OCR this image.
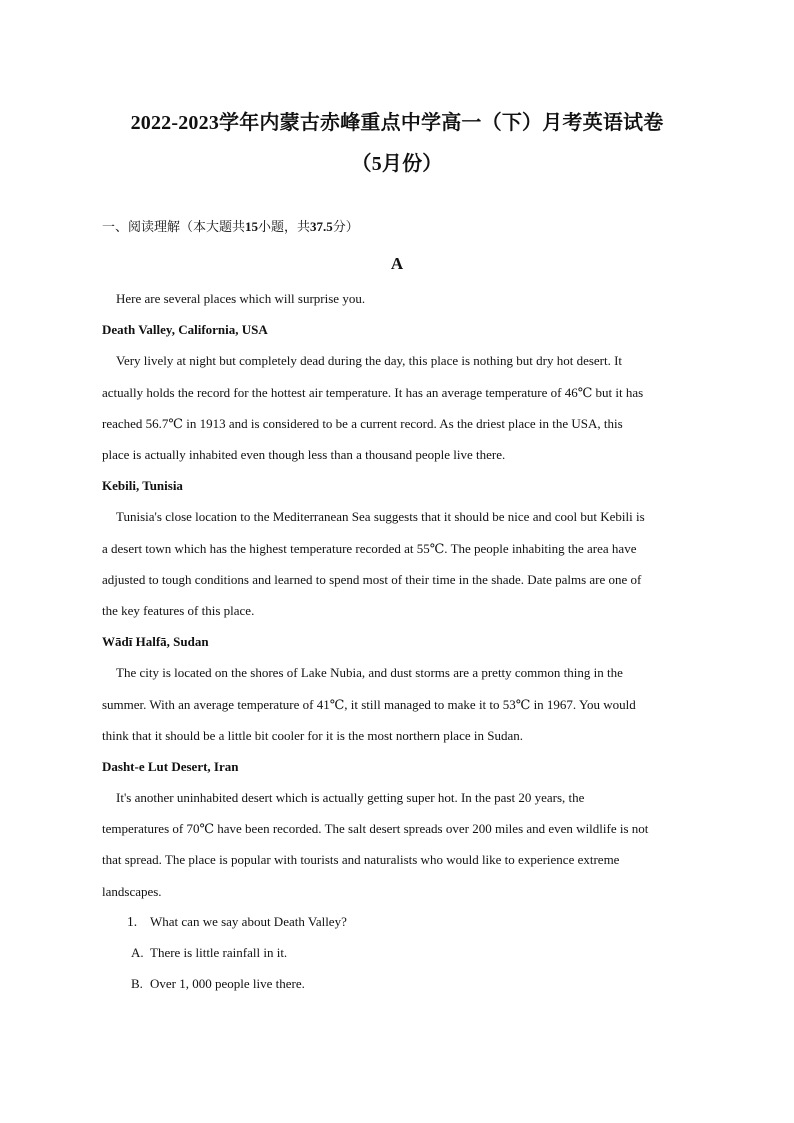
2022-2023学年内蒙古赤峰重点中学高一（下）月考英语试卷
（5月份）
一、阅读理解（本大题共15小题，共37.5分）
A
Here are several places which will surprise you.
Death Valley, California, USA
Very lively at night but completely dead during the day, this place is nothing but dry hot desert. It
actually holds the record for the hottest air temperature. It has an average temperature of 46℃ but it has
reached 56.7℃ in 1913 and is considered to be a current record. As the driest place in the USA, this
place is actually inhabited even though less than a thousand people live there.
Kebili, Tunisia
Tunisia's close location to the Mediterranean Sea suggests that it should be nice and cool but Kebili is
a desert town which has the highest temperature recorded at 55℃. The people inhabiting the area have
adjusted to tough conditions and learned to spend most of their time in the shade. Date palms are one of
the key features of this place.
Wādī Halfā, Sudan
The city is located on the shores of Lake Nubia, and dust storms are a pretty common thing in the
summer. With an average temperature of 41℃, it still managed to make it to 53℃ in 1967. You would
think that it should be a little bit cooler for it is the most northern place in Sudan.
Dasht-e Lut Desert, Iran
It's another uninhabited desert which is actually getting super hot. In the past 20 years, the
temperatures of 70℃ have been recorded. The salt desert spreads over 200 miles and even wildlife is not
that spread. The place is popular with tourists and naturalists who would like to experience extreme
landscapes.
1. What can we say about Death Valley?
A. There is little rainfall in it.
B. Over 1, 000 people live there.
